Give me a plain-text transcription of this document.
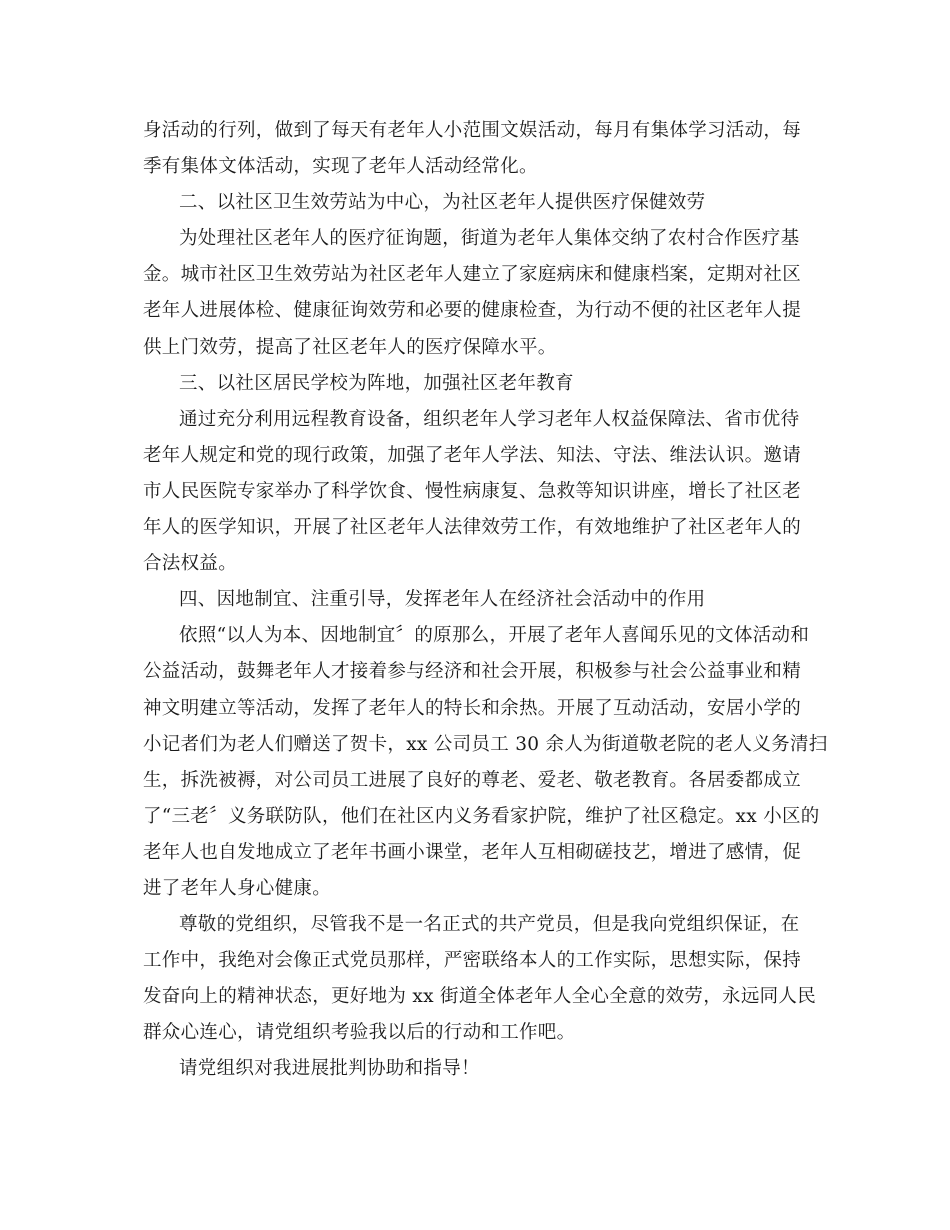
身活动的行列，做到了每天有老年人小范围文娱活动，每月有集体学习活动，每
季有集体文体活动，实现了老年人活动经常化。
二、以社区卫生效劳站为中心，为社区老年人提供医疗保健效劳
为处理社区老年人的医疗征询题，街道为老年人集体交纳了农村合作医疗基
金。城市社区卫生效劳站为社区老年人建立了家庭病床和健康档案，定期对社区
老年人进展体检、健康征询效劳和必要的健康检查，为行动不便的社区老年人提
供上门效劳，提高了社区老年人的医疗保障水平。
三、以社区居民学校为阵地，加强社区老年教育
通过充分利用远程教育设备，组织老年人学习老年人权益保障法、省市优待
老年人规定和党的现行政策，加强了老年人学法、知法、守法、维法认识。邀请
市人民医院专家举办了科学饮食、慢性病康复、急救等知识讲座，增长了社区老
年人的医学知识，开展了社区老年人法律效劳工作，有效地维护了社区老年人的
合法权益。
四、因地制宜、注重引导，发挥老年人在经济社会活动中的作用
依照“以人为本、因地制宜〞的原那么，开展了老年人喜闻乐见的文体活动和
公益活动，鼓舞老年人才接着参与经济和社会开展，积极参与社会公益事业和精
神文明建立等活动，发挥了老年人的特长和余热。开展了互动活动，安居小学的
小记者们为老人们赠送了贺卡，xx 公司员工 30 余人为街道敬老院的老人义务清扫
生，拆洗被褥，对公司员工进展了良好的尊老、爱老、敬老教育。各居委都成立
了“三老〞义务联防队，他们在社区内义务看家护院，维护了社区稳定。xx 小区的
老年人也自发地成立了老年书画小课堂，老年人互相砌磋技艺，增进了感情，促
进了老年人身心健康。
尊敬的党组织，尽管我不是一名正式的共产党员，但是我向党组织保证，在
工作中，我绝对会像正式党员那样，严密联络本人的工作实际，思想实际，保持
发奋向上的精神状态，更好地为 xx 街道全体老年人全心全意的效劳，永远同人民
群众心连心，请党组织考验我以后的行动和工作吧。
请党组织对我进展批判协助和指导！
